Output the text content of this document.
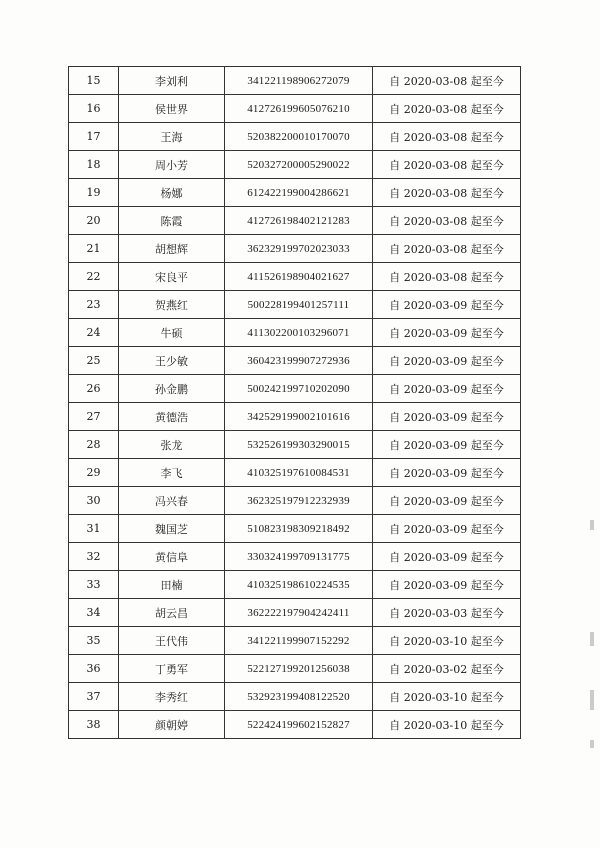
15	李刘利	341221198906272079	自 2020-03-08 起至今
16	侯世界	412726199605076210	自 2020-03-08 起至今
17	王海	520382200010170070	自 2020-03-08 起至今
18	周小芳	520327200005290022	自 2020-03-08 起至今
19	杨娜	612422199004286621	自 2020-03-08 起至今
20	陈霞	412726198402121283	自 2020-03-08 起至今
21	胡想辉	362329199702023033	自 2020-03-08 起至今
22	宋良平	411526198904021627	自 2020-03-08 起至今
23	贺燕红	500228199401257111	自 2020-03-09 起至今
24	牛硕	411302200103296071	自 2020-03-09 起至今
25	王少敏	360423199907272936	自 2020-03-09 起至今
26	孙金鹏	500242199710202090	自 2020-03-09 起至今
27	黄德浩	342529199002101616	自 2020-03-09 起至今
28	张龙	532526199303290015	自 2020-03-09 起至今
29	李飞	410325197610084531	自 2020-03-09 起至今
30	冯兴春	362325197912232939	自 2020-03-09 起至今
31	魏国芝	510823198309218492	自 2020-03-09 起至今
32	黄信阜	330324199709131775	自 2020-03-09 起至今
33	田楠	410325198610224535	自 2020-03-09 起至今
34	胡云昌	362222197904242411	自 2020-03-03 起至今
35	王代伟	341221199907152292	自 2020-03-10 起至今
36	丁勇军	522127199201256038	自 2020-03-02 起至今
37	李秀红	532923199408122520	自 2020-03-10 起至今
38	颜朝婷	522424199602152827	自 2020-03-10 起至今
